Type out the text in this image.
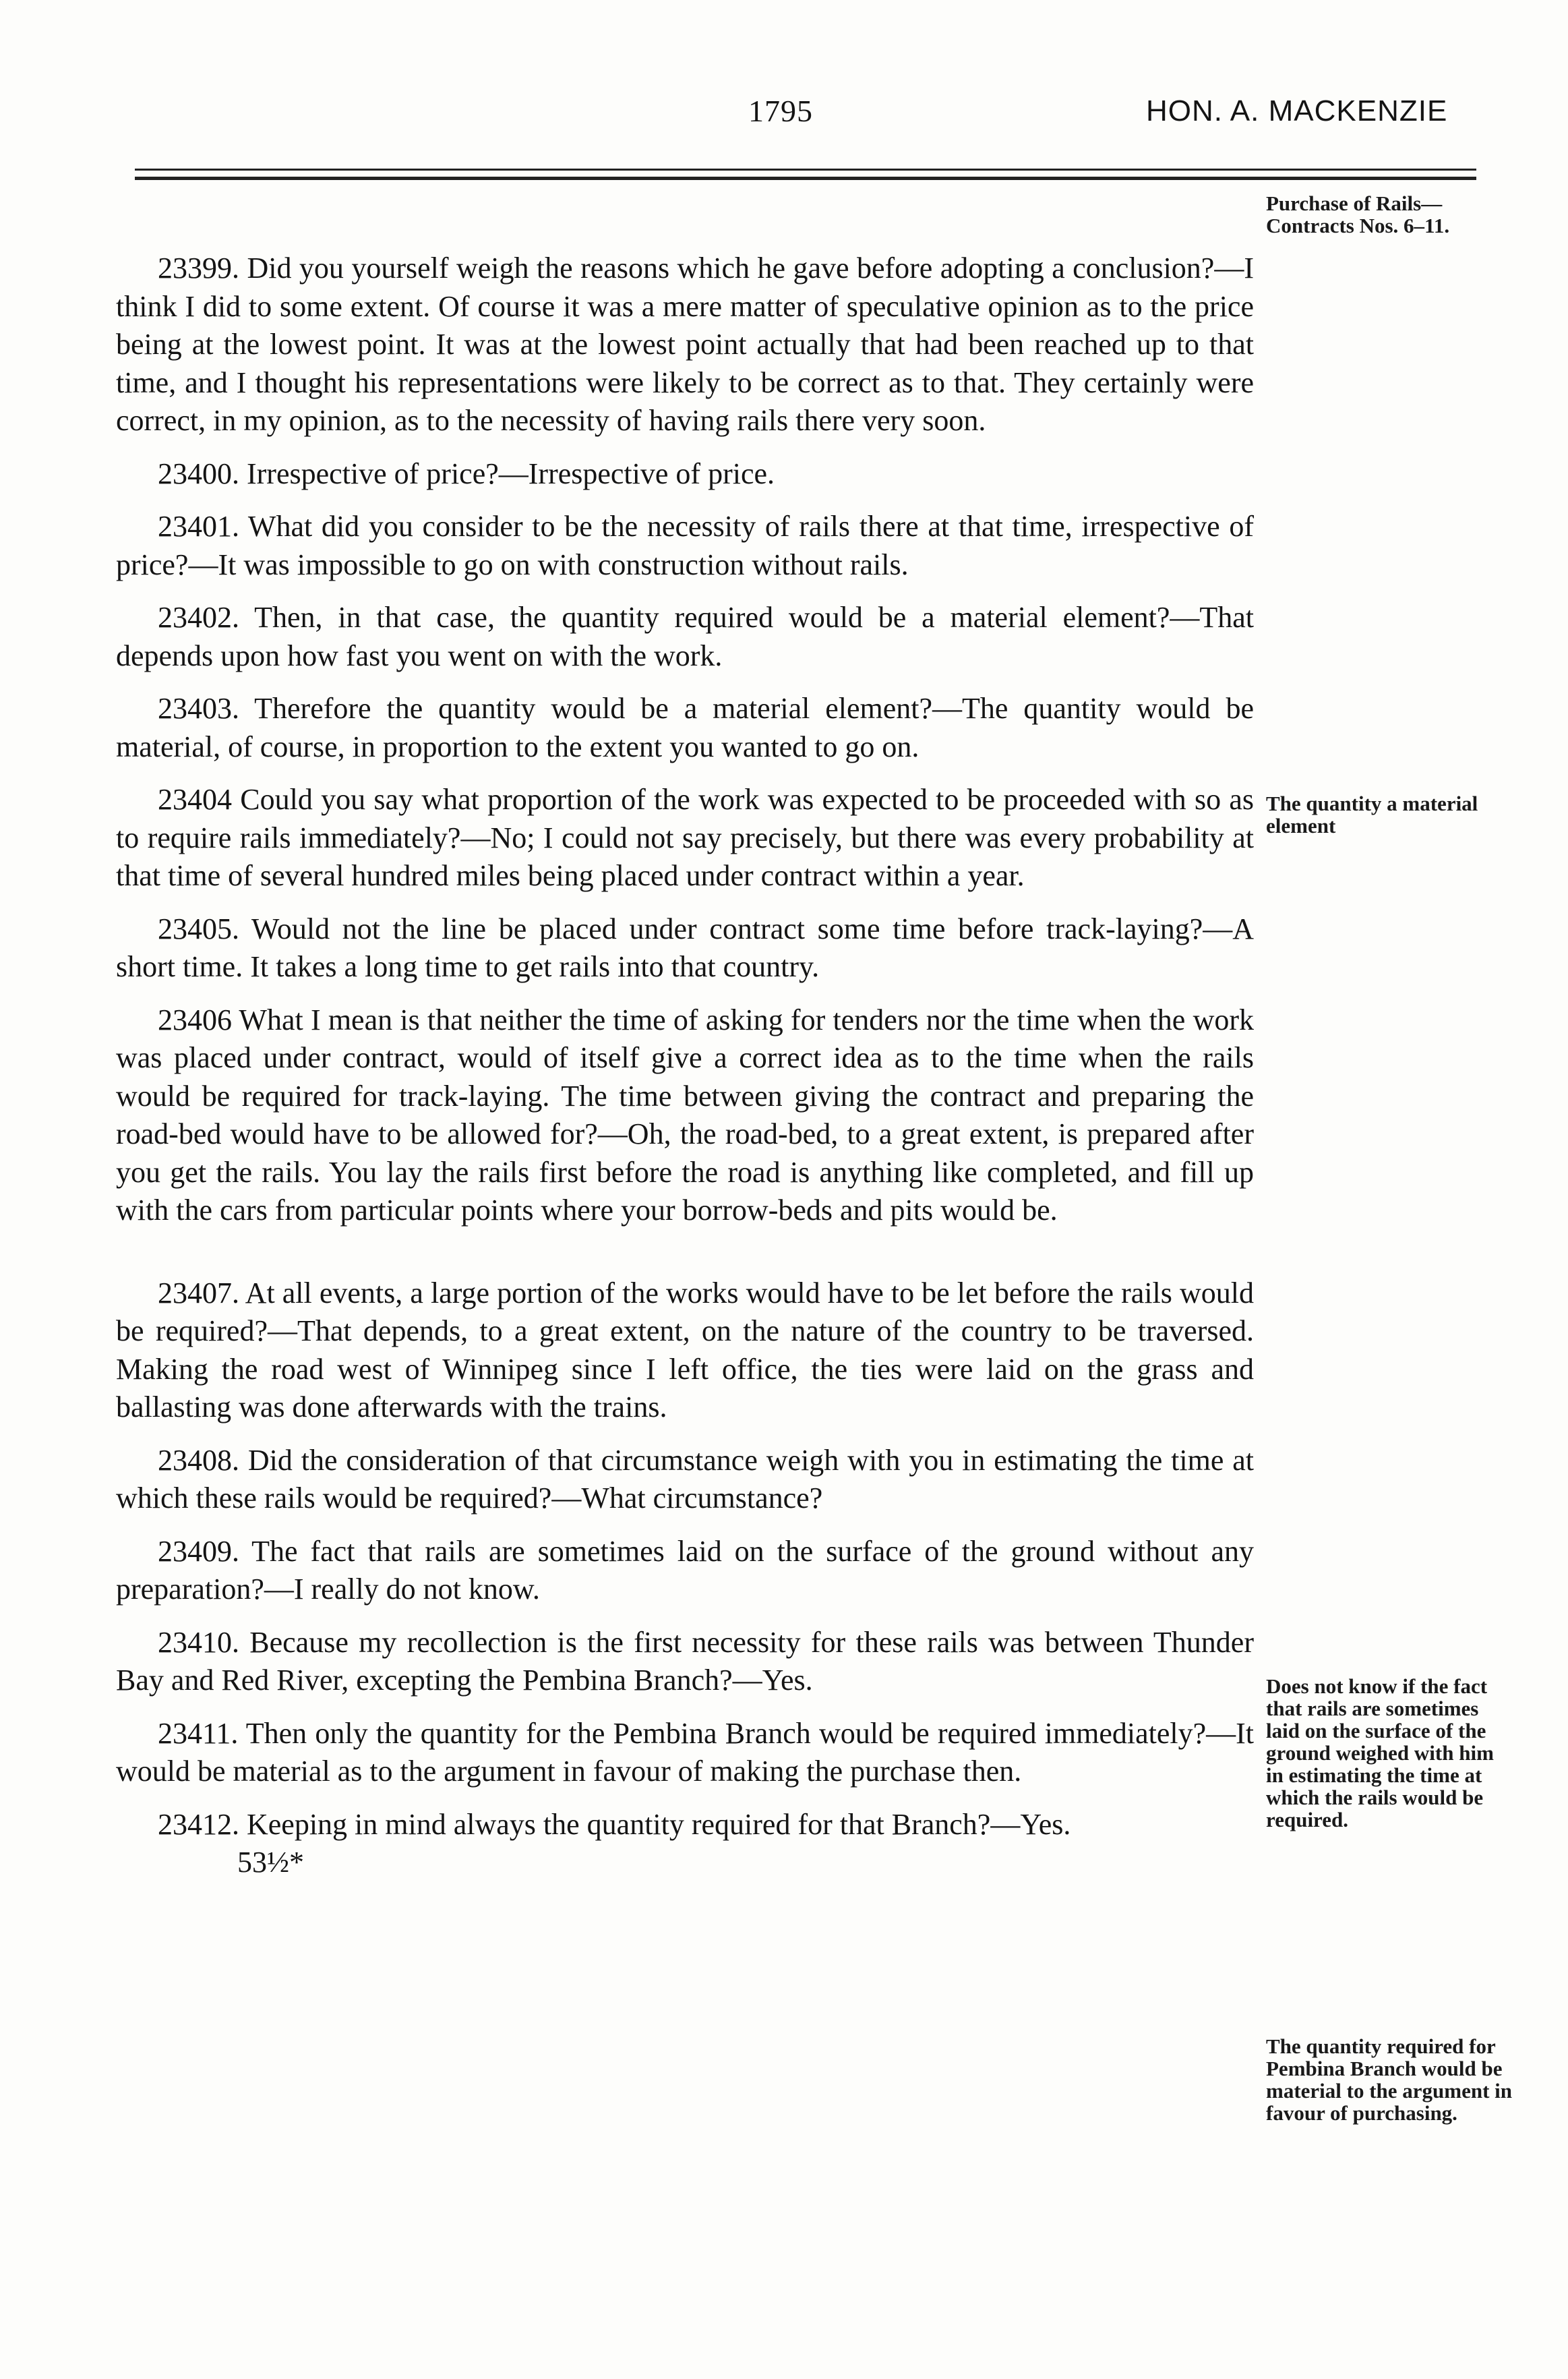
1795	HON. A. MACKENZIE
Purchase of Rails— Contracts Nos. 6–11.
The quantity a material element
Does not know if the fact that rails are sometimes laid on the surface of the ground weighed with him in estimating the time at which the rails would be required.
The quantity required for Pembina Branch would be material to the argument in favour of purchasing.

23399. Did you yourself weigh the reasons which he gave before adopting a conclusion?—I think I did to some extent. Of course it was a mere matter of speculative opinion as to the price being at the lowest point. It was at the lowest point actually that had been reached up to that time, and I thought his representations were likely to be correct as to that. They certainly were correct, in my opinion, as to the necessity of having rails there very soon.

23400. Irrespective of price?—Irrespective of price.

23401. What did you consider to be the necessity of rails there at that time, irrespective of price?—It was impossible to go on with construction without rails.

23402. Then, in that case, the quantity required would be a material element?—That depends upon how fast you went on with the work.

23403. Therefore the quantity would be a material element?—The quantity would be material, of course, in proportion to the extent you wanted to go on.

23404 Could you say what proportion of the work was expected to be proceeded with so as to require rails immediately?—No; I could not say precisely, but there was every probability at that time of several hundred miles being placed under contract within a year.

23405. Would not the line be placed under contract some time before track-laying?—A short time. It takes a long time to get rails into that country.

23406 What I mean is that neither the time of asking for tenders nor the time when the work was placed under contract, would of itself give a correct idea as to the time when the rails would be required for track-laying. The time between giving the contract and preparing the road-bed would have to be allowed for?—Oh, the road-bed, to a great extent, is prepared after you get the rails. You lay the rails first before the road is anything like completed, and fill up with the cars from particular points where your borrow-beds and pits would be.

23407. At all events, a large portion of the works would have to be let before the rails would be required?—That depends, to a great extent, on the nature of the country to be traversed. Making the road west of Winnipeg since I left office, the ties were laid on the grass and ballasting was done afterwards with the trains.

23408. Did the consideration of that circumstance weigh with you in estimating the time at which these rails would be required?—What circumstance?

23409. The fact that rails are sometimes laid on the surface of the ground without any preparation?—I really do not know.

23410. Because my recollection is the first necessity for these rails was between Thunder Bay and Red River, excepting the Pembina Branch?—Yes.

23411. Then only the quantity for the Pembina Branch would be required immediately?—It would be material as to the argument in favour of making the purchase then.

23412. Keeping in mind always the quantity required for that Branch?—Yes.

53½*
